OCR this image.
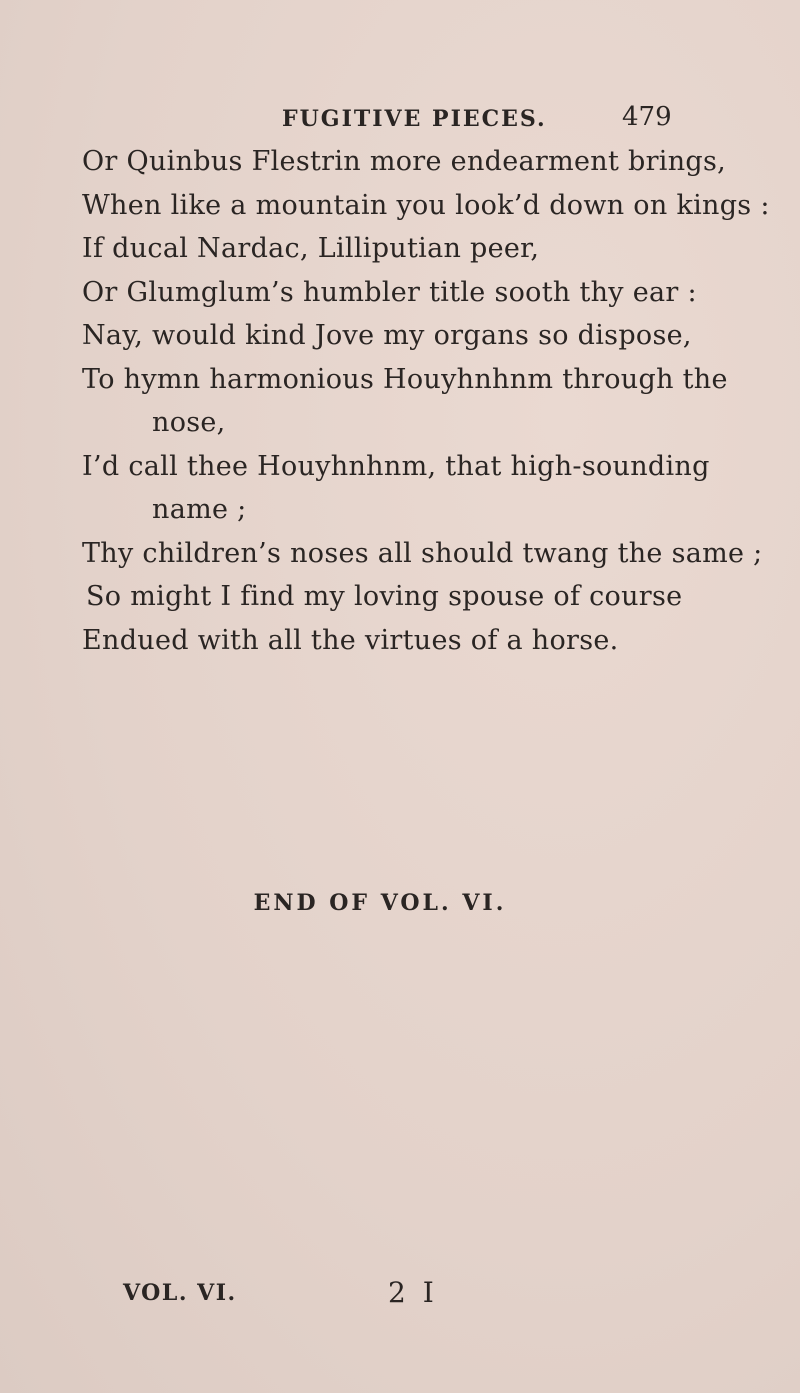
FUGITIVE PIECES.	479
Or Quinbus Flestrin more endearment brings,
When like a mountain you look’d down on kings :
If ducal Nardac, Lilliputian peer,
Or Glumglum’s humbler title sooth thy ear :
Nay, would kind Jove my organs so dispose,
To hymn harmonious Houyhnhnm through the
nose,
I’d call thee Houyhnhnm, that high-sounding
name ;
Thy children’s noses all should twang the same ;
So might I find my loving spouse of course
Endued with all the virtues of a horse.
END OF VOL. VI.
VOL. VI.	2 I
